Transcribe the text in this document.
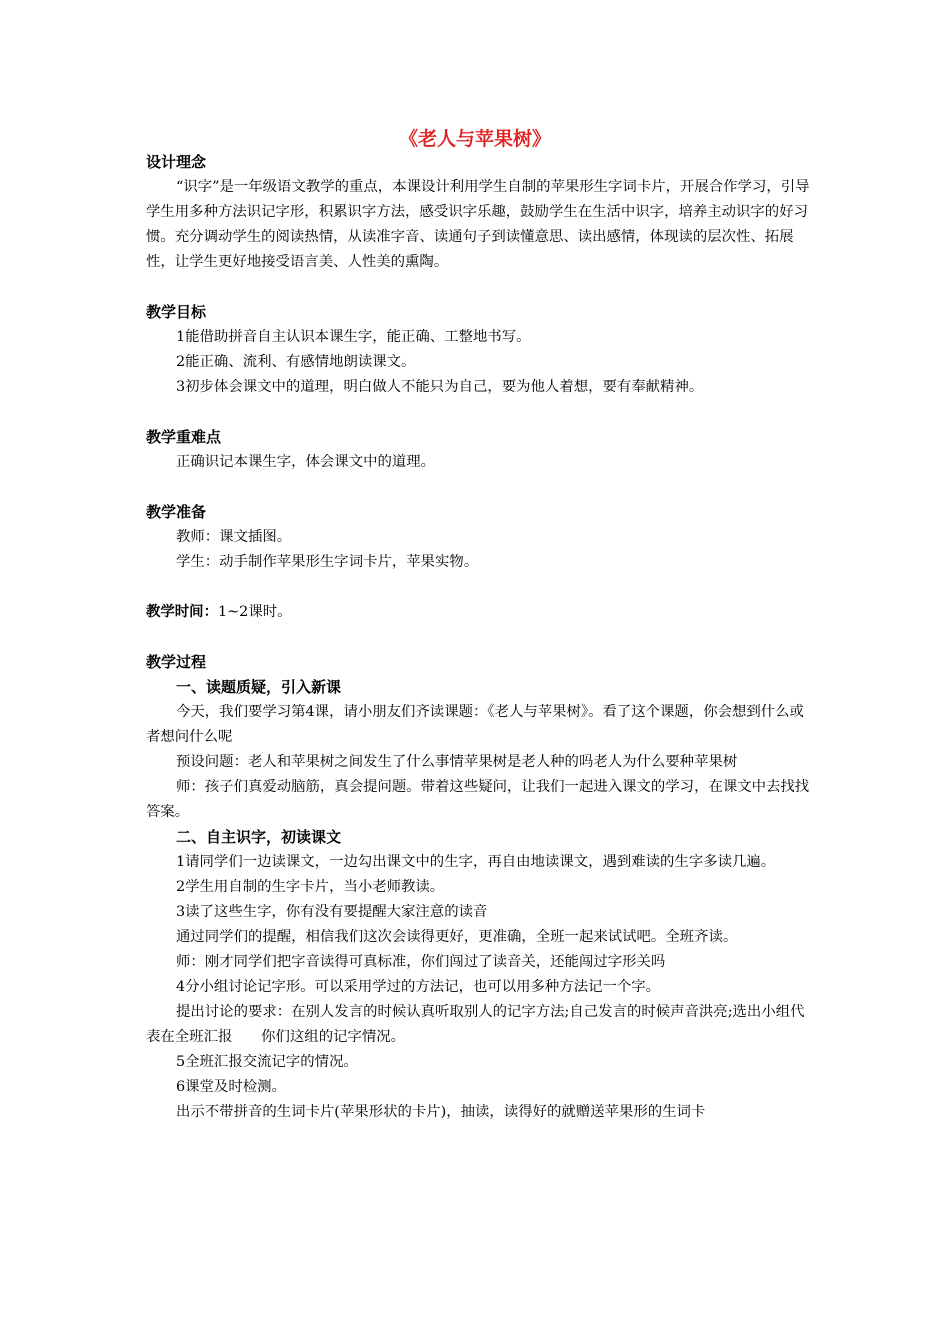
《老人与苹果树》
设计理念

“识字”是一年级语文教学的重点，本课设计利用学生自制的苹果形生字词卡片，开展合作学习，引导学生用多种方法识记字形，积累识字方法，感受识字乐趣，鼓励学生在生活中识字，培养主动识字的好习惯。充分调动学生的阅读热情，从读准字音、读通句子到读懂意思、读出感情，体现读的层次性、拓展性，让学生更好地接受语言美、人性美的熏陶。

教学目标

1能借助拼音自主认识本课生字，能正确、工整地书写。

2能正确、流利、有感情地朗读课文。

3初步体会课文中的道理，明白做人不能只为自己，要为他人着想，要有奉献精神。

教学重难点

正确识记本课生字，体会课文中的道理。

教学准备

教师：课文插图。

学生：动手制作苹果形生字词卡片，苹果实物。

教学时间：1~2课时。

教学过程
一、读题质疑，引入新课

今天，我们要学习第4课，请小朋友们齐读课题：《老人与苹果树》。看了这个课题，你会想到什么或者想问什么呢

预设问题：老人和苹果树之间发生了什么事情苹果树是老人种的吗老人为什么要种苹果树

师：孩子们真爱动脑筋，真会提问题。带着这些疑问，让我们一起进入课文的学习，在课文中去找找答案。

二、自主识字，初读课文

1请同学们一边读课文，一边勾出课文中的生字，再自由地读课文，遇到难读的生字多读几遍。

2学生用自制的生字卡片，当小老师教读。

3读了这些生字，你有没有要提醒大家注意的读音

通过同学们的提醒，相信我们这次会读得更好，更准确，全班一起来试试吧。全班齐读。

师：刚才同学们把字音读得可真标准，你们闯过了读音关，还能闯过字形关吗

4分小组讨论记字形。可以采用学过的方法记，也可以用多种方法记一个字。

提出讨论的要求：在别人发言的时候认真听取别人的记字方法;自己发言的时候声音洪亮;选出小组代表在全班汇报　　你们这组的记字情况。

5全班汇报交流记字的情况。

6课堂及时检测。

出示不带拼音的生词卡片(苹果形状的卡片)，抽读，读得好的就赠送苹果形的生词卡
